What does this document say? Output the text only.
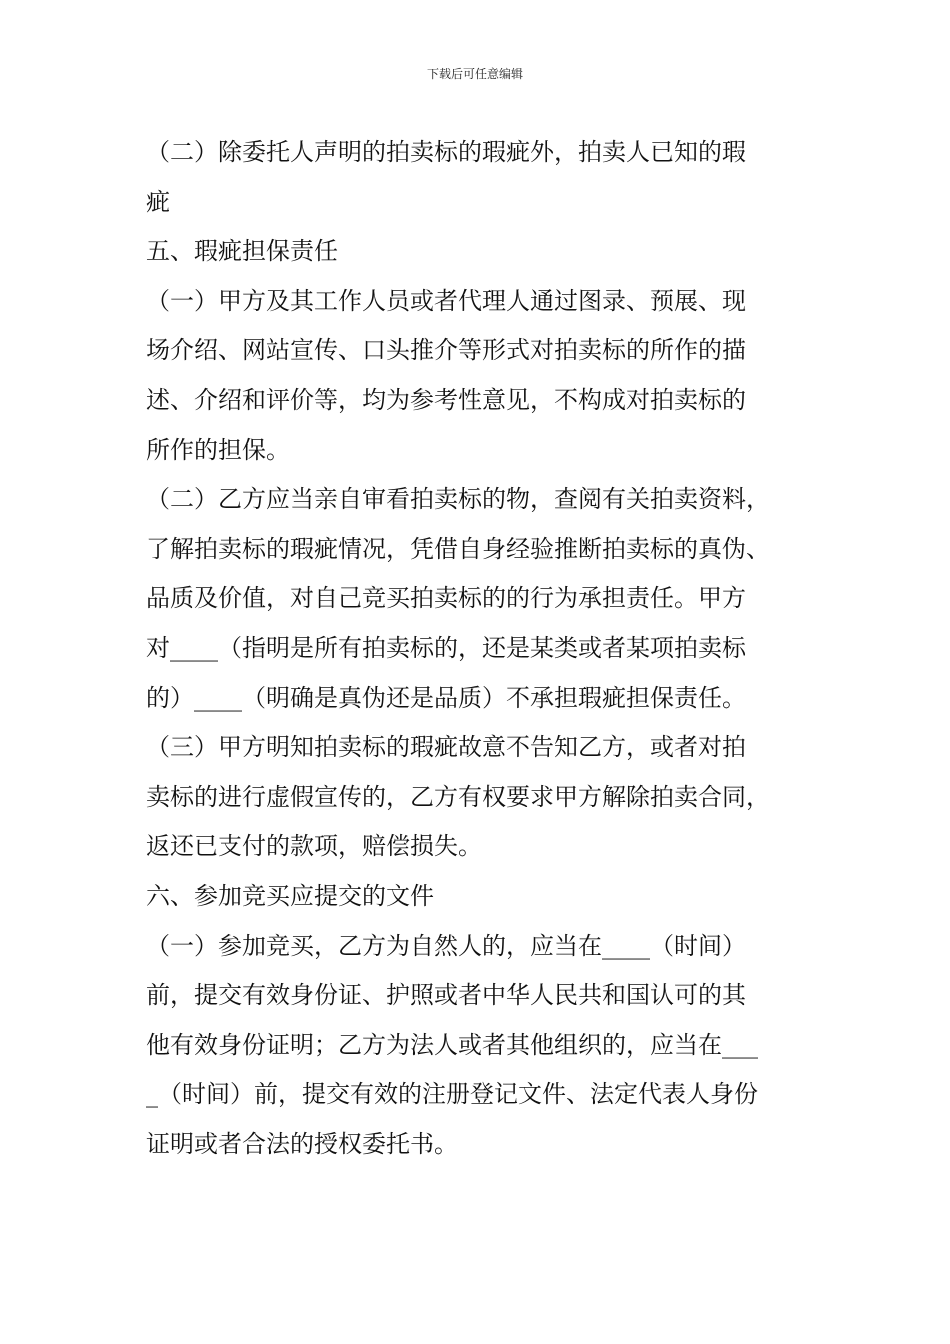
下载后可任意编辑
（二）除委托人声明的拍卖标的瑕疵外，拍卖人已知的瑕
疵
五、瑕疵担保责任
（一）甲方及其工作人员或者代理人通过图录、预展、现
场介绍、网站宣传、口头推介等形式对拍卖标的所作的描
述、介绍和评价等，均为参考性意见，不构成对拍卖标的
所作的担保。
（二）乙方应当亲自审看拍卖标的物，查阅有关拍卖资料，
了解拍卖标的瑕疵情况，凭借自身经验推断拍卖标的真伪、
品质及价值，对自己竞买拍卖标的的行为承担责任。甲方
对____（指明是所有拍卖标的，还是某类或者某项拍卖标
的）____（明确是真伪还是品质）不承担瑕疵担保责任。
（三）甲方明知拍卖标的瑕疵故意不告知乙方，或者对拍
卖标的进行虚假宣传的，乙方有权要求甲方解除拍卖合同，
返还已支付的款项，赔偿损失。
六、参加竞买应提交的文件
（一）参加竞买，乙方为自然人的，应当在____（时间）
前，提交有效身份证、护照或者中华人民共和国认可的其
他有效身份证明；乙方为法人或者其他组织的，应当在___
_（时间）前，提交有效的注册登记文件、法定代表人身份
证明或者合法的授权委托书。
